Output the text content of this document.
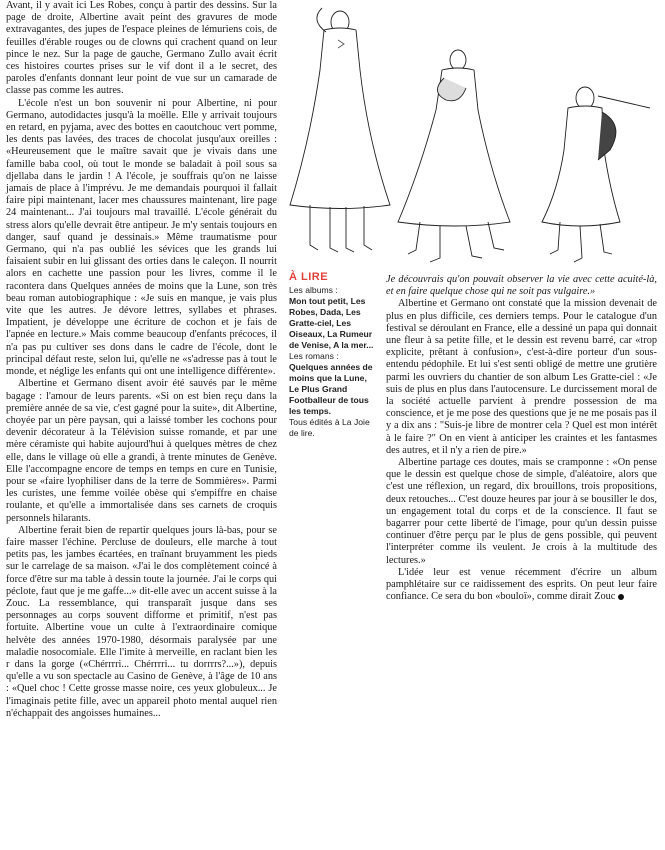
Avant, il y avait ici Les Robes, conçu à partir des dessins. Sur la page de droite, Albertine avait peint des gravures de mode extravagantes, des jupes de l'espace pleines de lémuriens cois, de feuilles d'érable rouges ou de clowns qui crachent quand on leur pince le nez. Sur la page de gauche, Germano Zullo avait écrit ces histoires courtes prises sur le vif dont il a le secret, des paroles d'enfants donnant leur point de vue sur un camarade de classe pas comme les autres.

L'école n'est un bon souvenir ni pour Albertine, ni pour Germano, autodidactes jusqu'à la moëlle. Elle y arrivait toujours en retard, en pyjama, avec des bottes en caoutchouc vert pomme, les dents pas lavées, des traces de chocolat jusqu'aux oreilles : «Heureusement que le maître savait que je vivais dans une famille baba cool, où tout le monde se baladait à poil sous sa djellaba dans le jardin ! A l'école, je souffrais qu'on ne laisse jamais de place à l'imprévu. Je me demandais pourquoi il fallait faire pipi maintenant, lacer mes chaussures maintenant, lire page 24 maintenant... J'ai toujours mal travaillé. L'école générait du stress alors qu'elle devrait être antipeur. Je m'y sentais toujours en danger, sauf quand je dessinais.» Même traumatisme pour Germano, qui n'a pas oublié les sévices que les grands lui faisaient subir en lui glissant des orties dans le caleçon. Il nourrit alors en cachette une passion pour les livres, comme il le racontera dans Quelques années de moins que la Lune, son très beau roman autobiographique : «Je suis en manque, je vais plus vite que les autres. Je dévore lettres, syllabes et phrases. Impatient, je développe une écriture de cochon et je fais de l'apnée en lecture.» Mais comme beaucoup d'enfants précoces, il n'a pas pu cultiver ses dons dans le cadre de l'école, dont le principal défaut reste, selon lui, qu'elle ne «s'adresse pas à tout le monde, et néglige les enfants qui ont une intelligence différente».

Albertine et Germano disent avoir été sauvés par le même bagage : l'amour de leurs parents. «Si on est bien reçu dans la première année de sa vie, c'est gagné pour la suite», dit Albertine, choyée par un père paysan, qui a laissé tomber les cochons pour devenir décorateur à la Télévision suisse romande, et par une mère céramiste qui habite aujourd'hui à quelques mètres de chez elle, dans le village où elle a grandi, à trente minutes de Genève. Elle l'accompagne encore de temps en temps en cure en Tunisie, pour se «faire lyophiliser dans de la terre de Sommières». Parmi les curistes, une femme voilée obèse qui s'empiffre en chaise roulante, et qu'elle a immortalisée dans ses carnets de croquis personnels hilarants.

Albertine ferait bien de repartir quelques jours là-bas, pour se faire masser l'échine. Percluse de douleurs, elle marche à tout petits pas, les jambes écartées, en traînant bruyamment les pieds sur le carrelage de sa maison. «J'ai le dos complètement coincé à force d'être sur ma table à dessin toute la journée. J'ai le corps qui péclote, faut que je me gaffe...» dit-elle avec un accent suisse à la Zouc. La ressemblance, qui transparaît jusque dans ses personnages au corps souvent difforme et primitif, n'est pas fortuite. Albertine voue un culte à l'extraordinaire comique helvète des années 1970-1980, désormais paralysée par une maladie nosocomiale. Elle l'imite à merveille, en raclant bien les r dans la gorge («Chérrrri... Chérrrri... tu dorrrrs?...»), depuis qu'elle a vu son spectacle au Casino de Genève, à l'âge de 10 ans : «Quel choc ! Cette grosse masse noire, ces yeux globuleux... Je l'imaginais petite fille, avec un appareil photo mental auquel rien n'échappait des angoisses humaines...

À LIRE
Les albums :
Mon tout petit, Les Robes, Dada, Les Gratte-ciel, Les Oiseaux, La Rumeur de Venise, A la mer...
Les romans :
Quelques années de moins que la Lune, Le Plus Grand Footballeur de tous les temps.
Tous édités à La Joie de lire.

Je découvrais qu'on pouvait observer la vie avec cette acuité-là, et en faire quelque chose qui ne soit pas vulgaire.»

Albertine et Germano ont constaté que la mission devenait de plus en plus difficile, ces derniers temps. Pour le catalogue d'un festival se déroulant en France, elle a dessiné un papa qui donnait une fleur à sa petite fille, et le dessin est revenu barré, car «trop explicite, prêtant à confusion», c'est-à-dire porteur d'un sous-entendu pédophile. Et lui s'est senti obligé de mettre une grutière parmi les ouvriers du chantier de son album Les Gratte-ciel : «Je suis de plus en plus dans l'autocensure. Le durcissement moral de la société actuelle parvient à prendre possession de ma conscience, et je me pose des questions que je ne me posais pas il y a dix ans : "Suis-je libre de montrer cela ? Quel est mon intérêt à le faire ?" On en vient à anticiper les craintes et les fantasmes des autres, et il n'y a rien de pire.»

Albertine partage ces doutes, mais se cramponne : «On pense que le dessin est quelque chose de simple, d'aléatoire, alors que c'est une réflexion, un regard, dix brouillons, trois propositions, deux retouches... C'est douze heures par jour à se bousiller le dos, un engagement total du corps et de la conscience. Il faut se bagarrer pour cette liberté de l'image, pour qu'un dessin puisse continuer d'être perçu par le plus de gens possible, qui peuvent l'interpréter comme ils veulent. Je crois à la multitude des lectures.»

L'idée leur est venue récemment d'écrire un album pamphlétaire sur ce raidissement des esprits. On peut leur faire confiance. Ce sera du bon «bouloï», comme dirait Zouc
